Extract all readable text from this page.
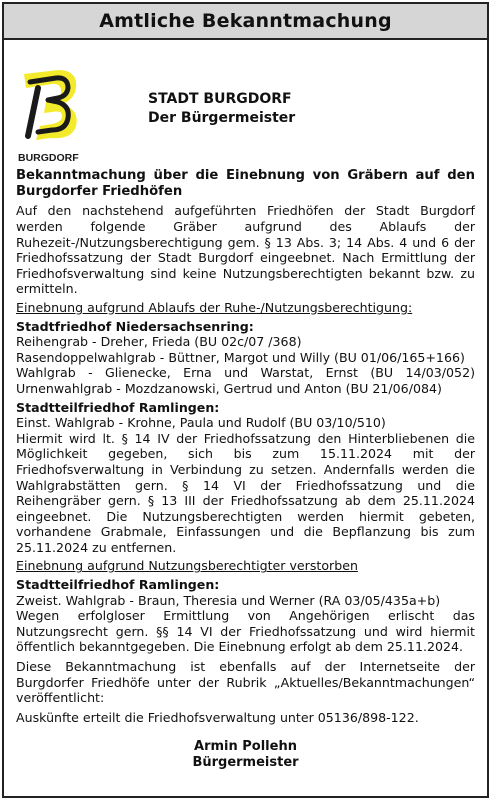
Amtliche Bekanntmachung
BURGDORF
STADT BURGDORF
Der Bürgermeister
Bekanntmachung über die Einebnung von Gräbern auf den Burgdorfer Friedhöfen

Auf den nachstehend aufgeführten Friedhöfen der Stadt Burgdorf werden folgende Gräber aufgrund des Ablaufs der Ruhezeit-/Nutzungsberechtigung gem. § 13 Abs. 3; 14 Abs. 4 und 6 der Friedhofssatzung der Stadt Burgdorf eingeebnet. Nach Ermittlung der Friedhofsverwaltung sind keine Nutzungsberechtigten bekannt bzw. zu ermitteln.

Einebnung aufgrund Ablaufs der Ruhe-/Nutzungsberechtigung:
Stadtfriedhof Niedersachsenring:
Reihengrab - Dreher, Frieda (BU 02c/07 /368)
Rasendoppelwahlgrab - Büttner, Margot und Willy (BU 01/06/165+166)
Wahlgrab - Glienecke, Erna und Warstat, Ernst (BU 14/03/052)
Urnenwahlgrab - Mozdzanowski, Gertrud und Anton (BU 21/06/084)
Stadtteilfriedhof Ramlingen:
Einst. Wahlgrab - Krohne, Paula und Rudolf (BU 03/10/510)

Hiermit wird lt. § 14 IV der Friedhofssatzung den Hinterbliebenen die Möglichkeit gegeben, sich bis zum 15.11.2024 mit der Friedhofsverwaltung in Verbindung zu setzen. Andernfalls werden die Wahlgrabstätten gern. § 14 VI der Friedhofssatzung und die Reihengräber gern. § 13 III der Friedhofssatzung ab dem 25.11.2024 eingeebnet. Die Nutzungsberechtigten werden hiermit gebeten, vorhandene Grabmale, Einfassungen und die Bepflanzung bis zum 25.11.2024 zu entfernen.

Einebnung aufgrund Nutzungsberechtigter verstorben
Stadtteilfriedhof Ramlingen:
Zweist. Wahlgrab - Braun, Theresia und Werner (RA 03/05/435a+b)

Wegen erfolgloser Ermittlung von Angehörigen erlischt das Nutzungsrecht gern. §§ 14 VI der Friedhofssatzung und wird hiermit öffentlich bekanntgegeben. Die Einebnung erfolgt ab dem 25.11.2024.

Diese Bekanntmachung ist ebenfalls auf der Internetseite der Burgdorfer Friedhöfe unter der Rubrik „Aktuelles/Bekanntmachungen“ veröffentlicht:

Auskünfte erteilt die Friedhofsverwaltung unter 05136/898-122.

Armin Pollehn
Bürgermeister
